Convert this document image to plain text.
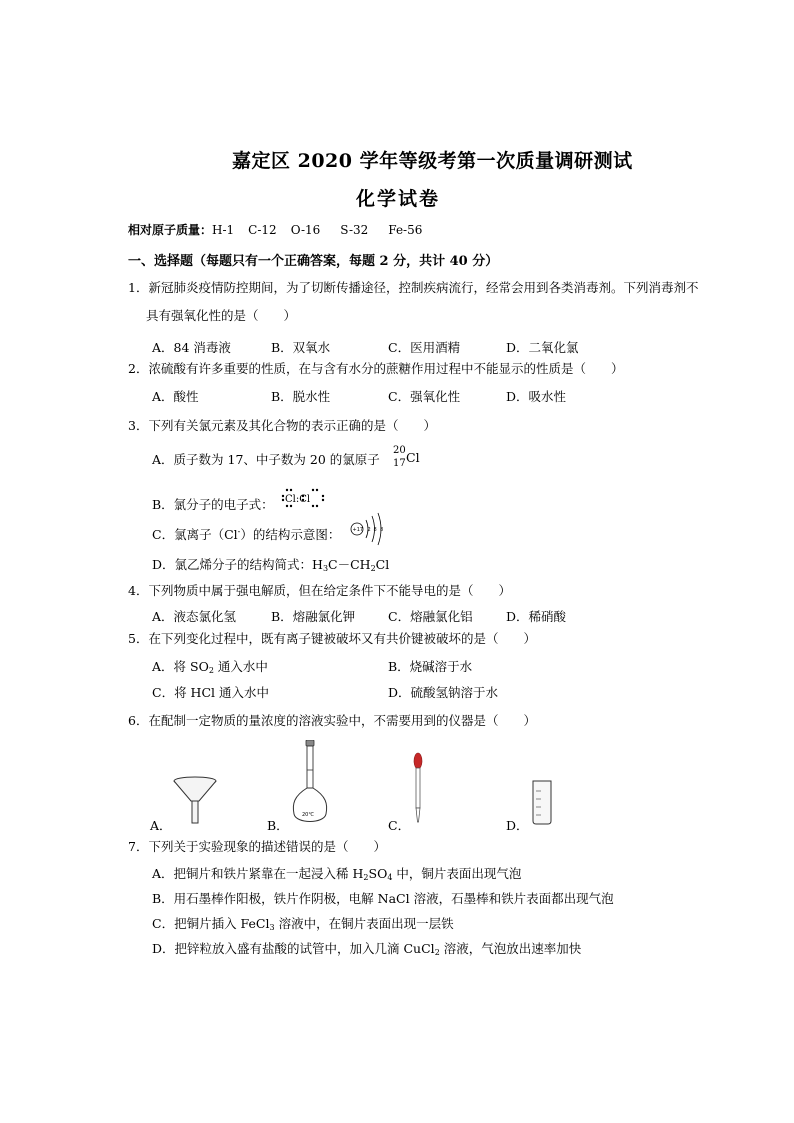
嘉定区 2020 学年等级考第一次质量调研测试
化学试卷
相对原子质量：H-1 C-12 O-16 S-32 Fe-56
一、选择题（每题只有一个正确答案，每题 2 分，共计 40 分）
1．新冠肺炎疫情防控期间，为了切断传播途径，控制疾病流行，经常会用到各类消毒剂。下列消毒剂不
具有强氧化性的是（　　）
A．84 消毒液	B．双氧水	C．医用酒精	D．二氧化氯
2．浓硫酸有许多重要的性质，在与含有水分的蔗糖作用过程中不能显示的性质是（　　）
A．酸性	B．脱水性	C．强氧化性	D．吸水性
3．下列有关氯元素及其化合物的表示正确的是（　　）
A．质子数为 17、中子数为 20 的氯原子
20
17 Cl
B．氯分子的电子式： Cl:Cl
C．氯离子（Cl-）的结构示意图： +17 2 8 8
D．氯乙烯分子的结构简式：$H_3C-CH_2Cl$
4．下列物质中属于强电解质，但在给定条件下不能导电的是（　　）
A．液态氯化氢	B．熔融氯化钾	C．熔融氯化铝	D．稀硝酸
5．在下列变化过程中，既有离子键被破坏又有共价键被破坏的是（　　）
A．将 $SO_2$ 通入水中	B．烧碱溶于水
C．将 HCl 通入水中	D．硫酸氢钠溶于水
6．在配制一定物质的量浓度的溶液实验中，不需要用到的仪器是（　　）
A．	B．
20℃
C．	D．
7．下列关于实验现象的描述错误的是（　　）
A．把铜片和铁片紧靠在一起浸入稀 $H_2SO_4$ 中，铜片表面出现气泡
B．用石墨棒作阳极，铁片作阴极，电解 NaCl 溶液，石墨棒和铁片表面都出现气泡
C．把铜片插入 FeCl$_3$ 溶液中，在铜片表面出现一层铁
D．把锌粒放入盛有盐酸的试管中，加入几滴 CuCl$_2$ 溶液，气泡放出速率加快
